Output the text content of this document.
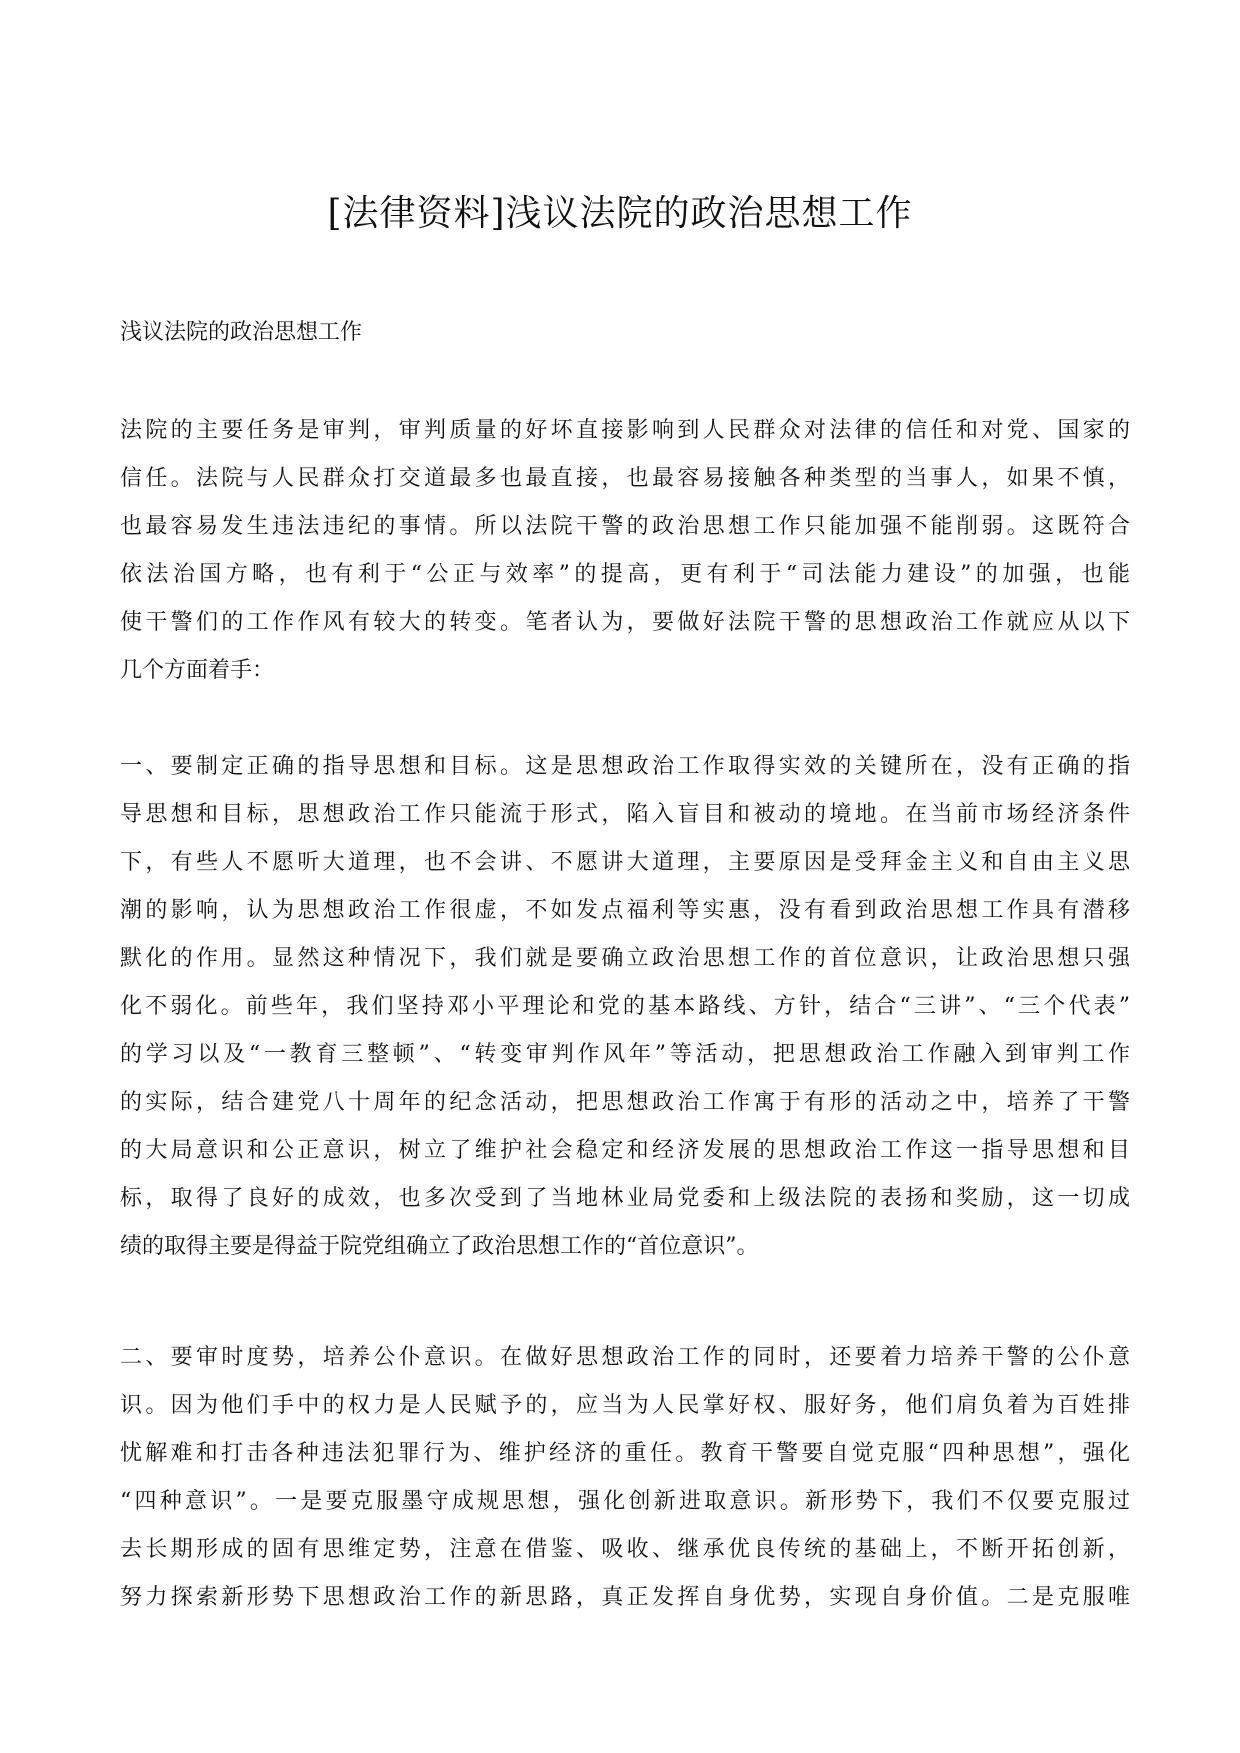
[法律资料]浅议法院的政治思想工作
浅议法院的政治思想工作
法院的主要任务是审判，审判质量的好坏直接影响到人民群众对法律的信任和对党、国家的
信任。法院与人民群众打交道最多也最直接，也最容易接触各种类型的当事人，如果不慎，
也最容易发生违法违纪的事情。所以法院干警的政治思想工作只能加强不能削弱。这既符合
依法治国方略，也有利于“公正与效率”的提高，更有利于“司法能力建设”的加强，也能
使干警们的工作作风有较大的转变。笔者认为，要做好法院干警的思想政治工作就应从以下
几个方面着手：
一、要制定正确的指导思想和目标。这是思想政治工作取得实效的关键所在，没有正确的指
导思想和目标，思想政治工作只能流于形式，陷入盲目和被动的境地。在当前市场经济条件
下，有些人不愿听大道理，也不会讲、不愿讲大道理，主要原因是受拜金主义和自由主义思
潮的影响，认为思想政治工作很虚，不如发点福利等实惠，没有看到政治思想工作具有潜移
默化的作用。显然这种情况下，我们就是要确立政治思想工作的首位意识，让政治思想只强
化不弱化。前些年，我们坚持邓小平理论和党的基本路线、方针，结合“三讲”、“三个代表”
的学习以及“一教育三整顿”、“转变审判作风年”等活动，把思想政治工作融入到审判工作
的实际，结合建党八十周年的纪念活动，把思想政治工作寓于有形的活动之中，培养了干警
的大局意识和公正意识，树立了维护社会稳定和经济发展的思想政治工作这一指导思想和目
标，取得了良好的成效，也多次受到了当地林业局党委和上级法院的表扬和奖励，这一切成
绩的取得主要是得益于院党组确立了政治思想工作的“首位意识”。
二、要审时度势，培养公仆意识。在做好思想政治工作的同时，还要着力培养干警的公仆意
识。因为他们手中的权力是人民赋予的，应当为人民掌好权、服好务，他们肩负着为百姓排
忧解难和打击各种违法犯罪行为、维护经济的重任。教育干警要自觉克服“四种思想”，强化
“四种意识”。一是要克服墨守成规思想，强化创新进取意识。新形势下，我们不仅要克服过
去长期形成的固有思维定势，注意在借鉴、吸收、继承优良传统的基础上，不断开拓创新，
努力探索新形势下思想政治工作的新思路，真正发挥自身优势，实现自身价值。二是克服唯
